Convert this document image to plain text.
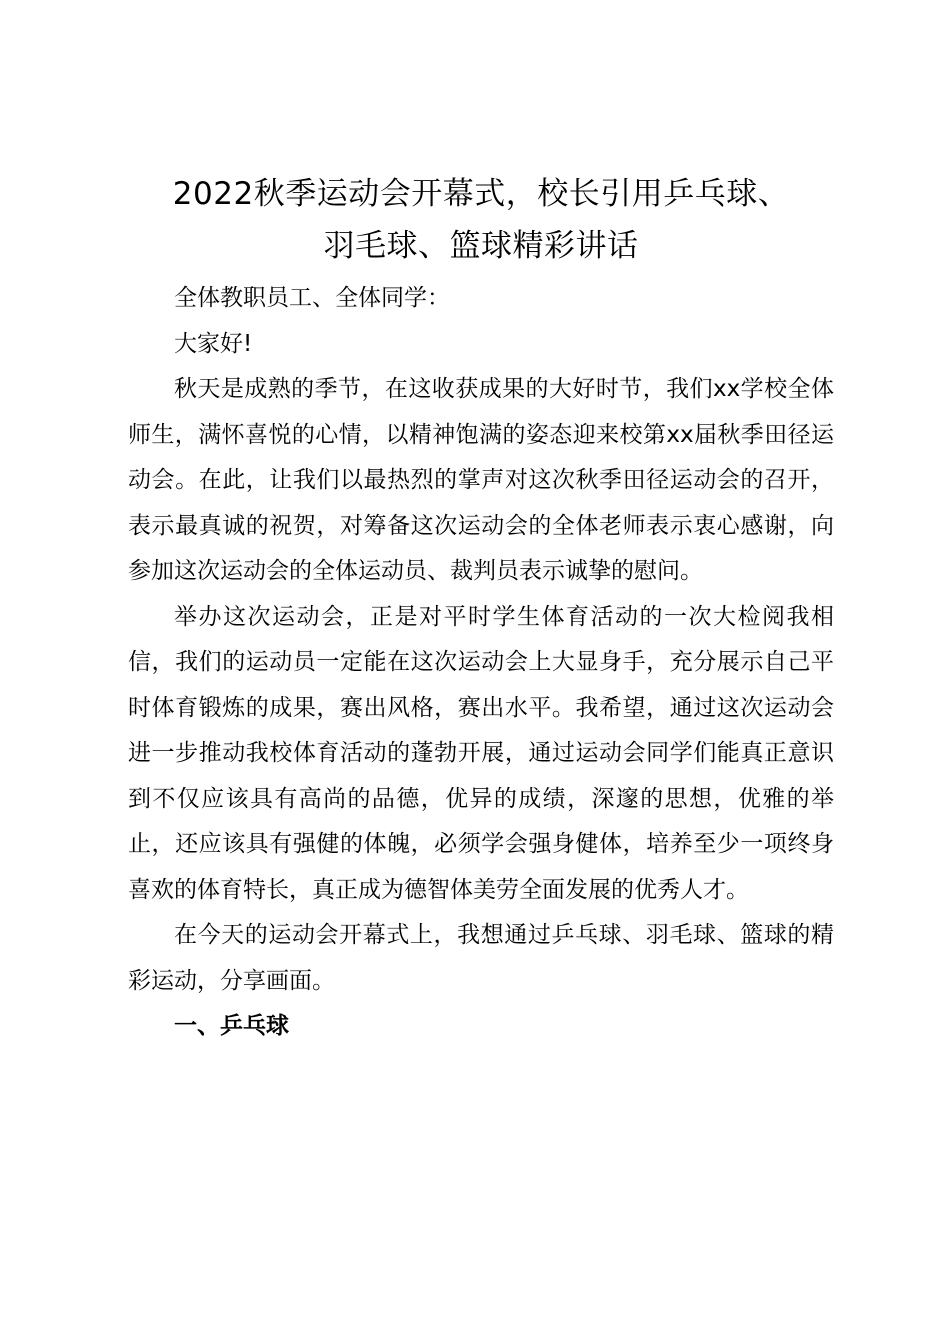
2022秋季运动会开幕式，校长引用乒乓球、
羽毛球、篮球精彩讲话

全体教职员工、全体同学：

大家好!

秋天是成熟的季节，在这收获成果的大好时节，我们xx学校全体师生，满怀喜悦的心情，以精神饱满的姿态迎来校第xx届秋季田径运动会。在此，让我们以最热烈的掌声对这次秋季田径运动会的召开，表示最真诚的祝贺，对筹备这次运动会的全体老师表示衷心感谢，向参加这次运动会的全体运动员、裁判员表示诚挚的慰问。

举办这次运动会，正是对平时学生体育活动的一次大检阅我相信，我们的运动员一定能在这次运动会上大显身手，充分展示自己平时体育锻炼的成果，赛出风格，赛出水平。我希望，通过这次运动会进一步推动我校体育活动的蓬勃开展，通过运动会同学们能真正意识到不仅应该具有高尚的品德，优异的成绩，深邃的思想，优雅的举止，还应该具有强健的体魄，必须学会强身健体，培养至少一项终身喜欢的体育特长，真正成为德智体美劳全面发展的优秀人才。

在今天的运动会开幕式上，我想通过乒乓球、羽毛球、篮球的精彩运动，分享画面。

一、乒乓球
